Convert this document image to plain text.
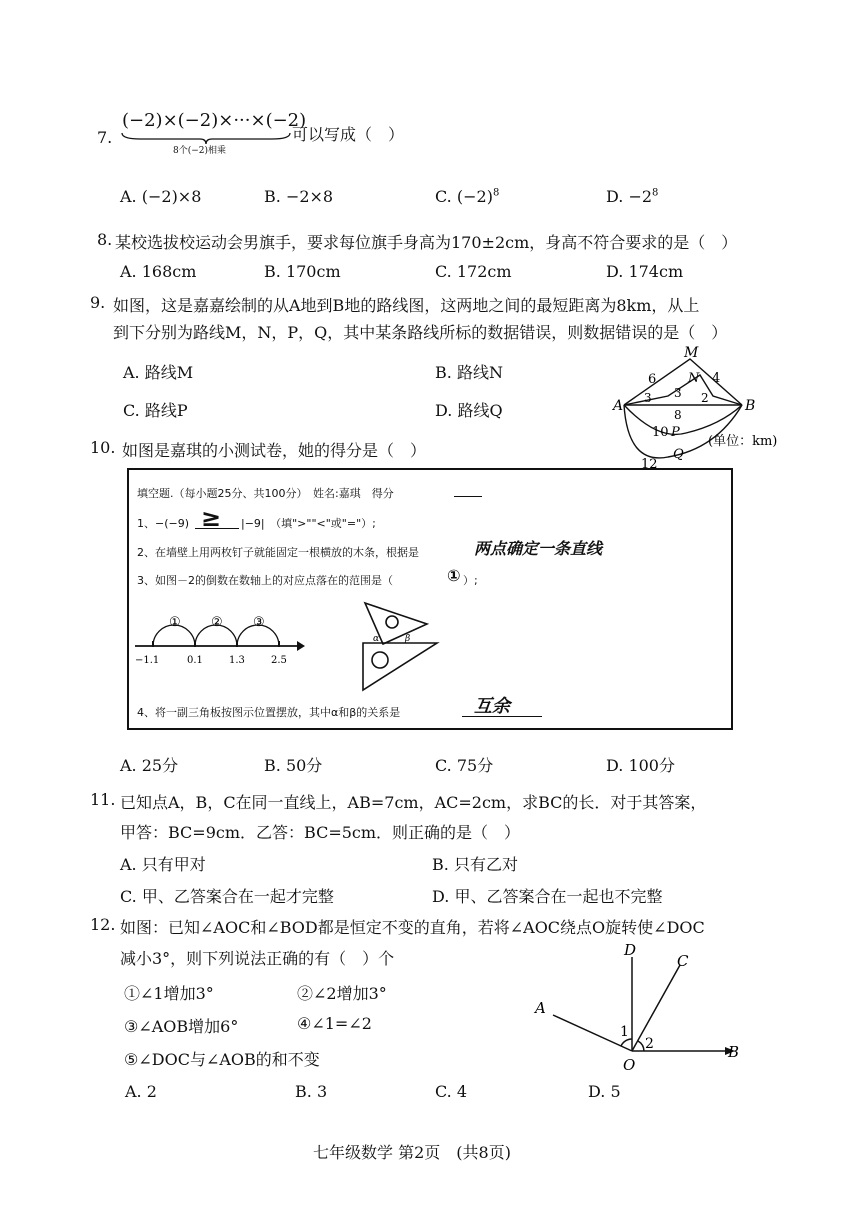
7.
(−2)×(−2)×···×(−2)
8个(−2)相乘
可以写成（　）
A. (−2)×8	B. −2×8	C. $(-2)^8$	D. $-2^8$
8. 某校选拔校运动会男旗手，要求每位旗手身高为170±2cm，身高不符合要求的是（　）
A. 168cm	B. 170cm	C. 172cm	D. 174cm
9. 如图，这是嘉嘉绘制的从A地到B地的路线图，这两地之间的最短距离为8km，从上
到下分别为路线M，N，P，Q，其中某条路线所标的数据错误，则数据错误的是（　）
A. 路线M	B. 路线N
C. 路线P	D. 路线Q	A	B
M
N
P
Q
6	4
3 3 2
8
10
12
(单位：km)
10. 如图是嘉琪的小测试卷，她的得分是（　）
填空题.（每小题25分、共100分）　姓名:嘉琪　得分
1、−(−9) ≥ |−9|　（填">""<"或"="）;
2、在墙壁上用两枚钉子就能固定一根横放的木条，根据是	两点确定一条直线
3、如图－2的倒数在数轴上的对应点落在的范围是（	① ）;
① ② ③
−1.1	0.1	1.3	2.5
α	β
4、将一副三角板按图示位置摆放，其中α和β的关系是	互余
A. 25分	B. 50分	C. 75分	D. 100分
11. 已知点A，B，C在同一直线上，AB=7cm，AC=2cm，求BC的长．对于其答案，
甲答：BC=9cm．乙答：BC=5cm．则正确的是（　）
A. 只有甲对	B. 只有乙对
C. 甲、乙答案合在一起才完整	D. 甲、乙答案合在一起也不完整
12. 如图：已知∠AOC和∠BOD都是恒定不变的直角，若将∠AOC绕点O旋转使∠DOC
减小3°，则下列说法正确的有（　）个
①∠1增加3°	②∠2增加3°
③∠AOB增加6°	④∠1=∠2
⑤∠DOC与∠AOB的和不变
A. 2	B. 3	C. 4	D. 5
D
C
A
O
B
1
2
七年级数学 第2页　(共8页)
